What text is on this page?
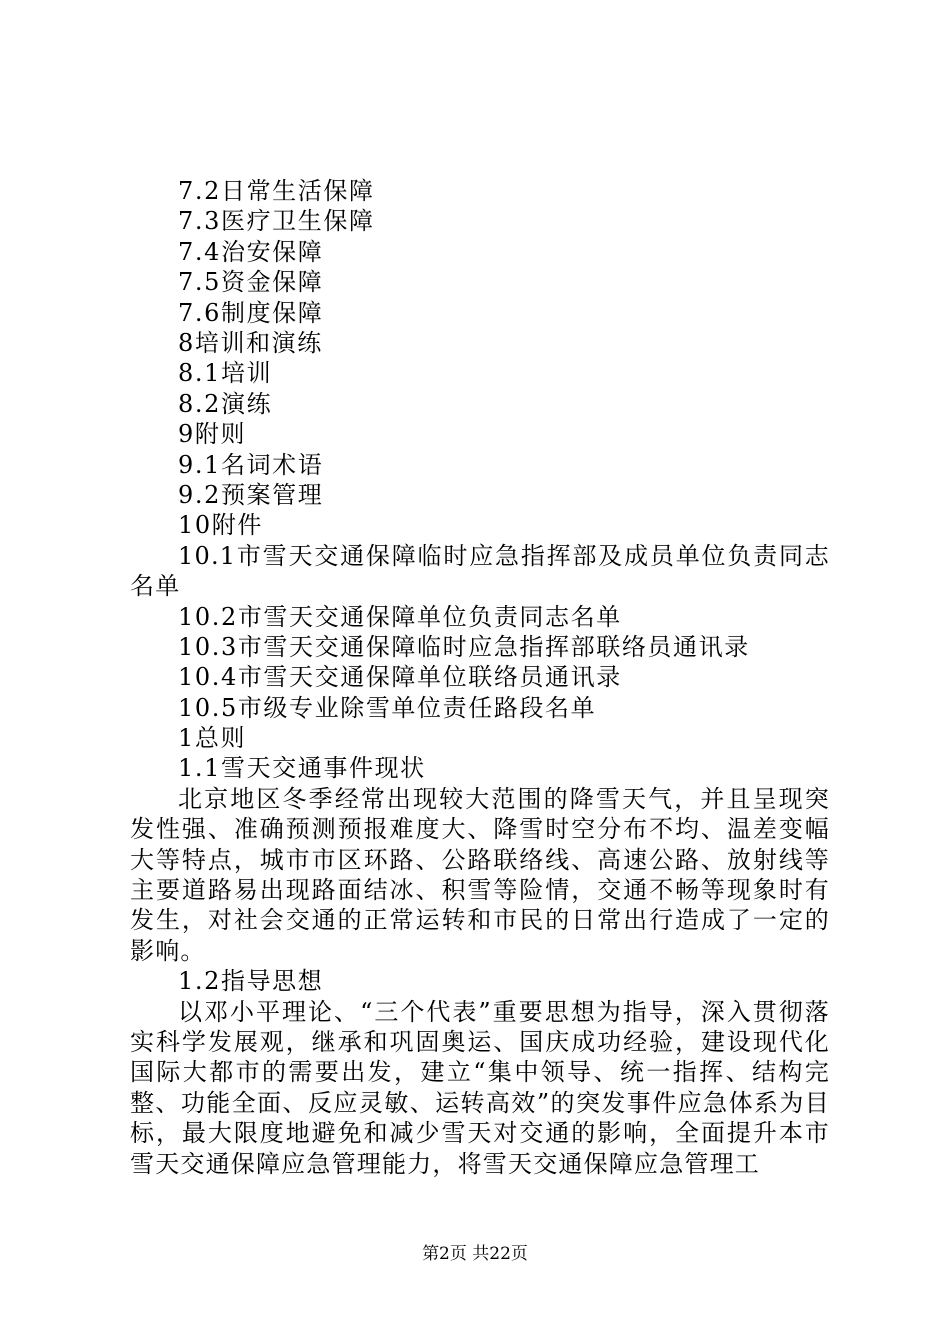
7.2日常生活保障
7.3医疗卫生保障
7.4治安保障
7.5资金保障
7.6制度保障
8培训和演练
8.1培训
8.2演练
9附则
9.1名词术语
9.2预案管理
10附件
10.1市雪天交通保障临时应急指挥部及成员单位负责同志名单
10.2市雪天交通保障单位负责同志名单
10.3市雪天交通保障临时应急指挥部联络员通讯录
10.4市雪天交通保障单位联络员通讯录
10.5市级专业除雪单位责任路段名单
1总则
1.1雪天交通事件现状
北京地区冬季经常出现较大范围的降雪天气，并且呈现突发性强、准确预测预报难度大、降雪时空分布不均、温差变幅大等特点，城市市区环路、公路联络线、高速公路、放射线等主要道路易出现路面结冰、积雪等险情，交通不畅等现象时有发生，对社会交通的正常运转和市民的日常出行造成了一定的影响。
1.2指导思想
以邓小平理论、“三个代表”重要思想为指导，深入贯彻落实科学发展观，继承和巩固奥运、国庆成功经验，建设现代化国际大都市的需要出发，建立“集中领导、统一指挥、结构完整、功能全面、反应灵敏、运转高效”的突发事件应急体系为目标，最大限度地避免和减少雪天对交通的影响，全面提升本市雪天交通保障应急管理能力，将雪天交通保障应急管理工
第2页 共22页
